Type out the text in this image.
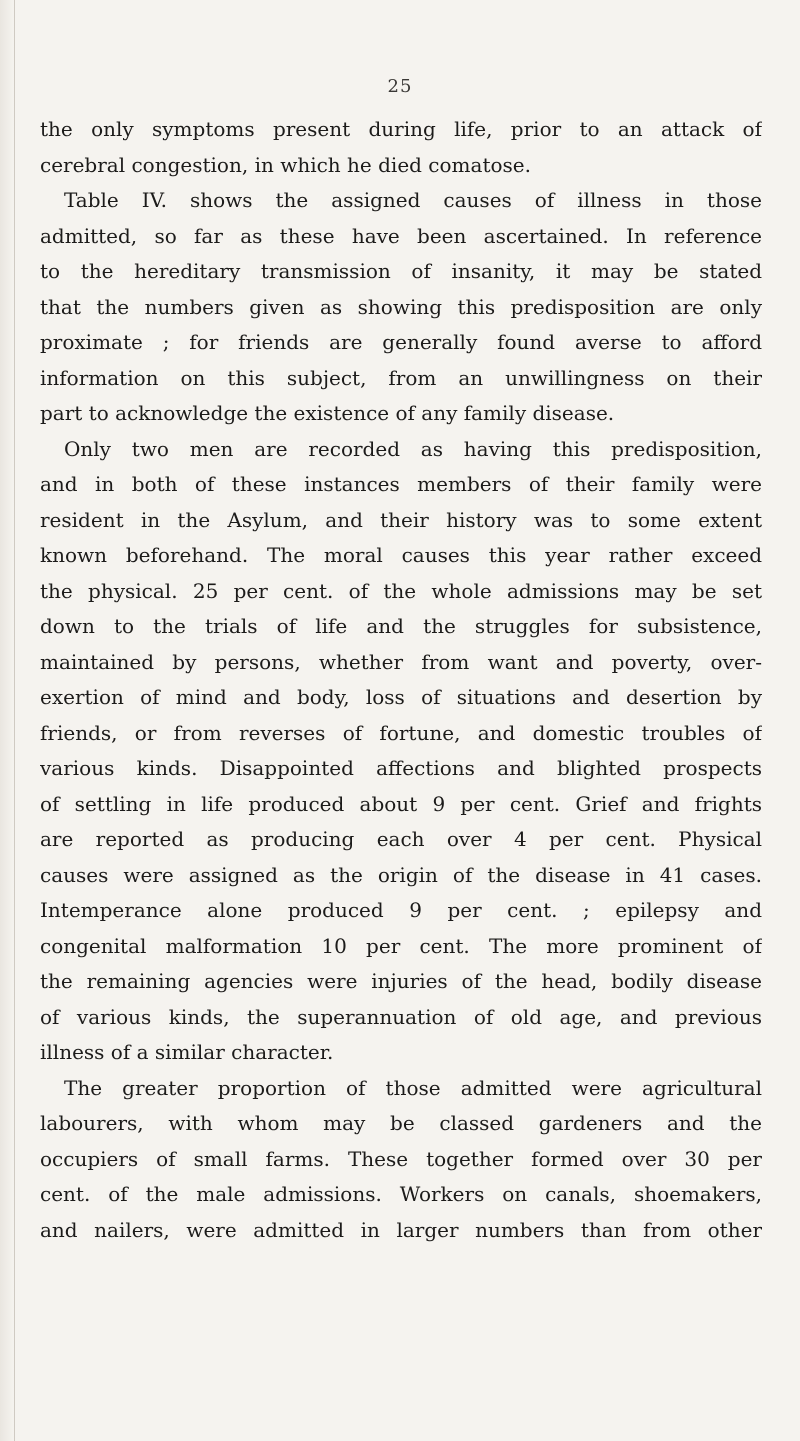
25
the only symptoms present during life, prior to an attack of
cerebral congestion, in which he died comatose.
Table IV. shows the assigned causes of illness in those
admitted, so far as these have been ascertained. In reference
to the hereditary transmission of insanity, it may be stated
that the numbers given as showing this predisposition are only
proximate ; for friends are generally found averse to afford
information on this subject, from an unwillingness on their
part to acknowledge the existence of any family disease.
Only two men are recorded as having this predisposition,
and in both of these instances members of their family were
resident in the Asylum, and their history was to some extent
known beforehand. The moral causes this year rather exceed
the physical. 25 per cent. of the whole admissions may be set
down to the trials of life and the struggles for subsistence,
maintained by persons, whether from want and poverty, over-
exertion of mind and body, loss of situations and desertion by
friends, or from reverses of fortune, and domestic troubles of
various kinds. Disappointed affections and blighted prospects
of settling in life produced about 9 per cent. Grief and frights
are reported as producing each over 4 per cent. Physical
causes were assigned as the origin of the disease in 41 cases.
Intemperance alone produced 9 per cent. ; epilepsy and
congenital malformation 10 per cent. The more prominent of
the remaining agencies were injuries of the head, bodily disease
of various kinds, the superannuation of old age, and previous
illness of a similar character.
The greater proportion of those admitted were agricultural
labourers, with whom may be classed gardeners and the
occupiers of small farms. These together formed over 30 per
cent. of the male admissions. Workers on canals, shoemakers,
and nailers, were admitted in larger numbers than from other
